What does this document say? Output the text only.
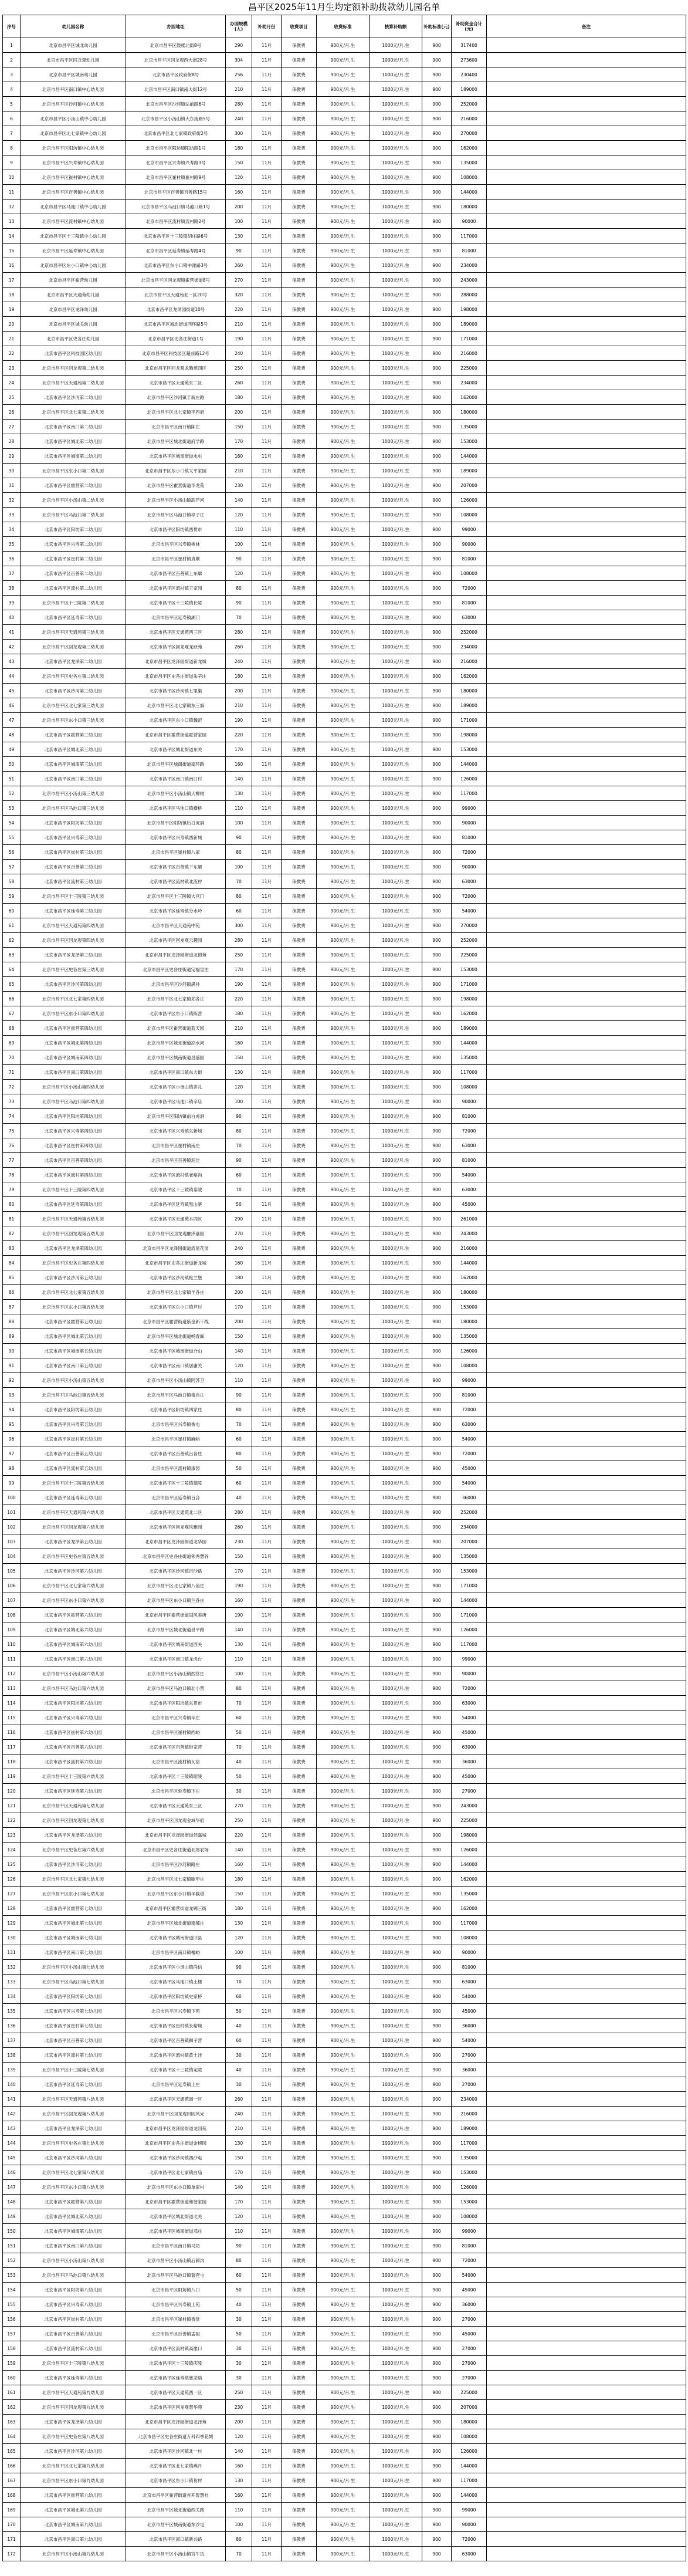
昌平区2025年11月生均定额补助拨款幼儿园名单
序号	幼儿园名称	办园地址	办园规模(人)	补助月份	收费项目	收费标准	核算补助额	补助标准(元)	补助资金合计(元)	备注
1	北京市昌平区城北幼儿园	北京市昌平区鼓楼北街8号	290	11月	保教费	900元/月.生	1000元/月.生	900	317400	
2	北京市昌平区回龙观幼儿园	北京市昌平区回龙观西大街28号	304	11月	保教费	900元/月.生	1000元/月.生	900	273600	
3	北京市昌平区城南幼儿园	北京市昌平区政府街8号	256	11月	保教费	900元/月.生	1000元/月.生	900	230400	
4	北京市昌平区南口镇中心幼儿园	北京市昌平区南口镇南大街12号	210	11月	保教费	900元/月.生	1000元/月.生	900	189000	
5	北京市昌平区沙河镇中心幼儿园	北京市昌平区沙河镇站前路6号	280	11月	保教费	900元/月.生	1000元/月.生	900	252000	
6	北京市昌平区小汤山镇中心幼儿园	北京市昌平区小汤山镇大东流路5号	240	11月	保教费	900元/月.生	1000元/月.生	900	216000	
7	北京市昌平区北七家镇中心幼儿园	北京市昌平区北七家镇政府街2号	300	11月	保教费	900元/月.生	1000元/月.生	900	270000	
8	北京市昌平区阳坊镇中心幼儿园	北京市昌平区阳坊镇阳坊路1号	180	11月	保教费	900元/月.生	1000元/月.生	900	162000	
9	北京市昌平区兴寿镇中心幼儿园	北京市昌平区兴寿镇兴寿路3号	150	11月	保教费	900元/月.生	1000元/月.生	900	135000	
10	北京市昌平区崔村镇中心幼儿园	北京市昌平区崔村镇崔村路9号	120	11月	保教费	900元/月.生	1000元/月.生	900	108000	
11	北京市昌平区百善镇中心幼儿园	北京市昌平区百善镇百善路15号	160	11月	保教费	900元/月.生	1000元/月.生	900	144000	
12	北京市昌平区马池口镇中心幼儿园	北京市昌平区马池口镇马池口路1号	200	11月	保教费	900元/月.生	1000元/月.生	900	180000	
13	北京市昌平区流村镇中心幼儿园	北京市昌平区流村镇流村路2号	100	11月	保教费	900元/月.生	1000元/月.生	900	90000	
14	北京市昌平区十三陵镇中心幼儿园	北京市昌平区十三陵镇胡庄路6号	130	11月	保教费	900元/月.生	1000元/月.生	900	117000	
15	北京市昌平区延寿镇中心幼儿园	北京市昌平区延寿镇延寿路4号	90	11月	保教费	900元/月.生	1000元/月.生	900	81000	
16	北京市昌平区东小口镇中心幼儿园	北京市昌平区东小口镇中滩路3号	260	11月	保教费	900元/月.生	1000元/月.生	900	234000	
17	北京市昌平区霍营幼儿园	北京市昌平区回龙观镇霍营街道8号	270	11月	保教费	900元/月.生	1000元/月.生	900	243000	
18	北京市昌平区天通苑幼儿园	北京市昌平区天通苑北一区20号	320	11月	保教费	900元/月.生	1000元/月.生	900	288000	
19	北京市昌平区龙泽幼儿园	北京市昌平区龙泽园街道10号	220	11月	保教费	900元/月.生	1000元/月.生	900	198000	
20	北京市昌平区城关幼儿园	北京市昌平区城北街道西环路5号	210	11月	保教费	900元/月.生	1000元/月.生	900	189000	
21	北京市昌平区史各庄幼儿园	北京市昌平区史各庄街道1号	190	11月	保教费	900元/月.生	1000元/月.生	900	171000	
22	北京市昌平区科技园区幼儿园	北京市昌平区科技园区超前路12号	240	11月	保教费	900元/月.生	1000元/月.生	900	216000	
23	北京市昌平区回龙观第二幼儿园	北京市昌平区回龙观龙腾苑四区	250	11月	保教费	900元/月.生	1000元/月.生	900	225000	
24	北京市昌平区天通苑第二幼儿园	北京市昌平区天通苑东二区	260	11月	保教费	900元/月.生	1000元/月.生	900	234000	
25	北京市昌平区沙河第二幼儿园	北京市昌平区沙河镇于新庄路	180	11月	保教费	900元/月.生	1000元/月.生	900	162000	
26	北京市昌平区北七家第二幼儿园	北京市昌平区北七家镇平西府	200	11月	保教费	900元/月.生	1000元/月.生	900	180000	
27	北京市昌平区南口第二幼儿园	北京市昌平区南口镇陈庄	150	11月	保教费	900元/月.生	1000元/月.生	900	135000	
28	北京市昌平区城北第二幼儿园	北京市昌平区城北街道府学路	170	11月	保教费	900元/月.生	1000元/月.生	900	153000	
29	北京市昌平区城南第二幼儿园	北京市昌平区城南街道水屯	160	11月	保教费	900元/月.生	1000元/月.生	900	144000	
30	北京市昌平区东小口第二幼儿园	北京市昌平区东小口镇太平家园	210	11月	保教费	900元/月.生	1000元/月.生	900	189000	
31	北京市昌平区霍营第二幼儿园	北京市昌平区霍营街道华龙苑	230	11月	保教费	900元/月.生	1000元/月.生	900	207000	
32	北京市昌平区小汤山第二幼儿园	北京市昌平区小汤山镇葫芦河	140	11月	保教费	900元/月.生	1000元/月.生	900	126000	
33	北京市昌平区马池口第二幼儿园	北京市昌平区马池口镇亭子庄	120	11月	保教费	900元/月.生	1000元/月.生	900	108000	
34	北京市昌平区阳坊第二幼儿园	北京市昌平区阳坊镇西贯市	110	11月	保教费	900元/月.生	1000元/月.生	900	99000	
35	北京市昌平区兴寿第二幼儿园	北京市昌平区兴寿镇桃林	100	11月	保教费	900元/月.生	1000元/月.生	900	90000	
36	北京市昌平区崔村第二幼儿园	北京市昌平区崔村镇真顺	90	11月	保教费	900元/月.生	1000元/月.生	900	81000	
37	北京市昌平区百善第二幼儿园	北京市昌平区百善镇上东廓	120	11月	保教费	900元/月.生	1000元/月.生	900	108000	
38	北京市昌平区流村第二幼儿园	北京市昌平区流村镇王家园	80	11月	保教费	900元/月.生	1000元/月.生	900	72000	
39	北京市昌平区十三陵第二幼儿园	北京市昌平区十三陵镇长陵	90	11月	保教费	900元/月.生	1000元/月.生	900	81000	
40	北京市昌平区延寿第二幼儿园	北京市昌平区延寿镇湖门	70	11月	保教费	900元/月.生	1000元/月.生	900	63000	
41	北京市昌平区天通苑第三幼儿园	北京市昌平区天通苑西三区	280	11月	保教费	900元/月.生	1000元/月.生	900	252000	
42	北京市昌平区回龙观第三幼儿园	北京市昌平区回龙观龙跃苑	260	11月	保教费	900元/月.生	1000元/月.生	900	234000	
43	北京市昌平区龙泽第二幼儿园	北京市昌平区龙泽园街道新龙城	240	11月	保教费	900元/月.生	1000元/月.生	900	216000	
44	北京市昌平区史各庄第二幼儿园	北京市昌平区史各庄街道朱辛庄	180	11月	保教费	900元/月.生	1000元/月.生	900	162000	
45	北京市昌平区沙河第三幼儿园	北京市昌平区沙河镇七里渠	200	11月	保教费	900元/月.生	1000元/月.生	900	180000	
46	北京市昌平区北七家第三幼儿园	北京市昌平区北七家镇东三旗	210	11月	保教费	900元/月.生	1000元/月.生	900	189000	
47	北京市昌平区东小口第三幼儿园	北京市昌平区东小口镇魏窑	190	11月	保教费	900元/月.生	1000元/月.生	900	171000	
48	北京市昌平区霍营第三幼儿园	北京市昌平区霍营街道霍营家园	220	11月	保教费	900元/月.生	1000元/月.生	900	198000	
49	北京市昌平区城北第三幼儿园	北京市昌平区城北街道东关	170	11月	保教费	900元/月.生	1000元/月.生	900	153000	
50	北京市昌平区城南第三幼儿园	北京市昌平区城南街道南环路	160	11月	保教费	900元/月.生	1000元/月.生	900	144000	
51	北京市昌平区南口第三幼儿园	北京市昌平区南口镇南口村	140	11月	保教费	900元/月.生	1000元/月.生	900	126000	
52	北京市昌平区小汤山第三幼儿园	北京市昌平区小汤山镇大柳树	130	11月	保教费	900元/月.生	1000元/月.生	900	117000	
53	北京市昌平区马池口第三幼儿园	北京市昌平区马池口镇横桥	110	11月	保教费	900元/月.生	1000元/月.生	900	99000	
54	北京市昌平区阳坊第三幼儿园	北京市昌平区阳坊镇后白虎涧	100	11月	保教费	900元/月.生	1000元/月.生	900	90000	
55	北京市昌平区兴寿第三幼儿园	北京市昌平区兴寿镇西新城	90	11月	保教费	900元/月.生	1000元/月.生	900	81000	
56	北京市昌平区崔村第三幼儿园	北京市昌平区崔村镇八家	80	11月	保教费	900元/月.生	1000元/月.生	900	72000	
57	北京市昌平区百善第三幼儿园	北京市昌平区百善镇下东廓	100	11月	保教费	900元/月.生	1000元/月.生	900	90000	
58	北京市昌平区流村第三幼儿园	北京市昌平区流村镇北流村	70	11月	保教费	900元/月.生	1000元/月.生	900	63000	
59	北京市昌平区十三陵第三幼儿园	北京市昌平区十三陵镇大宫门	80	11月	保教费	900元/月.生	1000元/月.生	900	72000	
60	北京市昌平区延寿第三幼儿园	北京市昌平区延寿镇分水岭	60	11月	保教费	900元/月.生	1000元/月.生	900	54000	
61	北京市昌平区天通苑第四幼儿园	北京市昌平区天通苑中苑	300	11月	保教费	900元/月.生	1000元/月.生	900	270000	
62	北京市昌平区回龙观第四幼儿园	北京市昌平区回龙观云趣园	280	11月	保教费	900元/月.生	1000元/月.生	900	252000	
63	北京市昌平区龙泽第三幼儿园	北京市昌平区龙泽园街道龙锦苑	250	11月	保教费	900元/月.生	1000元/月.生	900	225000	
64	北京市昌平区史各庄第三幼儿园	北京市昌平区史各庄街道定福皇庄	170	11月	保教费	900元/月.生	1000元/月.生	900	153000	
65	北京市昌平区沙河第四幼儿园	北京市昌平区沙河镇满井	190	11月	保教费	900元/月.生	1000元/月.生	900	171000	
66	北京市昌平区北七家第四幼儿园	北京市昌平区北七家镇郑各庄	220	11月	保教费	900元/月.生	1000元/月.生	900	198000	
67	北京市昌平区东小口第四幼儿园	北京市昌平区东小口镇陈营	180	11月	保教费	900元/月.生	1000元/月.生	900	162000	
68	北京市昌平区霍营第四幼儿园	北京市昌平区霍营街道蓝天园	210	11月	保教费	900元/月.生	1000元/月.生	900	189000	
69	北京市昌平区城北第四幼儿园	北京市昌平区城北街道凉水河	160	11月	保教费	900元/月.生	1000元/月.生	900	144000	
70	北京市昌平区城南第四幼儿园	北京市昌平区城南街道昌盛园	150	11月	保教费	900元/月.生	1000元/月.生	900	135000	
71	北京市昌平区南口第四幼儿园	北京市昌平区南口镇东大街	130	11月	保教费	900元/月.生	1000元/月.生	900	117000	
72	北京市昌平区小汤山第四幼儿园	北京市昌平区小汤山镇讲礼	120	11月	保教费	900元/月.生	1000元/月.生	900	108000	
73	北京市昌平区马池口第四幼儿园	北京市昌平区马池口镇辛店	100	11月	保教费	900元/月.生	1000元/月.生	900	90000	
74	北京市昌平区阳坊第四幼儿园	北京市昌平区阳坊镇前白虎涧	90	11月	保教费	900元/月.生	1000元/月.生	900	81000	
75	北京市昌平区兴寿第四幼儿园	北京市昌平区兴寿镇东新城	80	11月	保教费	900元/月.生	1000元/月.生	900	72000	
76	北京市昌平区崔村第四幼儿园	北京市昌平区崔村镇南庄	70	11月	保教费	900元/月.生	1000元/月.生	900	63000	
77	北京市昌平区百善第四幼儿园	北京市昌平区百善镇泥洼	90	11月	保教费	900元/月.生	1000元/月.生	900	81000	
78	北京市昌平区流村第四幼儿园	北京市昌平区流村镇老峪沟	60	11月	保教费	900元/月.生	1000元/月.生	900	54000	
79	北京市昌平区十三陵第四幼儿园	北京市昌平区十三陵镇泰陵	70	11月	保教费	900元/月.生	1000元/月.生	900	63000	
80	北京市昌平区延寿第四幼儿园	北京市昌平区延寿镇黑山寨	50	11月	保教费	900元/月.生	1000元/月.生	900	45000	
81	北京市昌平区天通苑第五幼儿园	北京市昌平区天通苑本四区	290	11月	保教费	900元/月.生	1000元/月.生	900	261000	
82	北京市昌平区回龙观第五幼儿园	北京市昌平区回龙观融泽嘉园	270	11月	保教费	900元/月.生	1000元/月.生	900	243000	
83	北京市昌平区龙泽第四幼儿园	北京市昌平区龙泽园街道流星花园	240	11月	保教费	900元/月.生	1000元/月.生	900	216000	
84	北京市昌平区史各庄第四幼儿园	北京市昌平区史各庄街道新龙城	160	11月	保教费	900元/月.生	1000元/月.生	900	144000	
85	北京市昌平区沙河第五幼儿园	北京市昌平区沙河镇松兰堡	180	11月	保教费	900元/月.生	1000元/月.生	900	162000	
86	北京市昌平区北七家第五幼儿园	北京市昌平区北七家镇羊各庄	200	11月	保教费	900元/月.生	1000元/月.生	900	180000	
87	北京市昌平区东小口第五幼儿园	北京市昌平区东小口镇芦村	170	11月	保教费	900元/月.生	1000元/月.生	900	153000	
88	北京市昌平区霍营第五幼儿园	北京市昌平区霍营街道紫金新干线	200	11月	保教费	900元/月.生	1000元/月.生	900	180000	
89	北京市昌平区城北第五幼儿园	北京市昌平区城北街道畅春阁	150	11月	保教费	900元/月.生	1000元/月.生	900	135000	
90	北京市昌平区城南第五幼儿园	北京市昌平区城南街道介山	140	11月	保教费	900元/月.生	1000元/月.生	900	126000	
91	北京市昌平区南口第五幼儿园	北京市昌平区南口镇居庸关	120	11月	保教费	900元/月.生	1000元/月.生	900	108000	
92	北京市昌平区小汤山第五幼儿园	北京市昌平区小汤山镇阿苏卫	110	11月	保教费	900元/月.生	1000元/月.生	900	99000	
93	北京市昌平区马池口第五幼儿园	北京市昌平区马池口镇楼自庄	90	11月	保教费	900元/月.生	1000元/月.生	900	81000	
94	北京市昌平区阳坊第五幼儿园	北京市昌平区阳坊镇四家庄	80	11月	保教费	900元/月.生	1000元/月.生	900	72000	
95	北京市昌平区兴寿第五幼儿园	北京市昌平区兴寿镇香屯	70	11月	保教费	900元/月.生	1000元/月.生	900	63000	
96	北京市昌平区崔村第五幼儿园	北京市昌平区崔村镇麻峪	60	11月	保教费	900元/月.生	1000元/月.生	900	54000	
97	北京市昌平区百善第五幼儿园	北京市昌平区百善镇吕各庄	80	11月	保教费	900元/月.生	1000元/月.生	900	72000	
98	北京市昌平区流村第五幼儿园	北京市昌平区流村镇漆园	50	11月	保教费	900元/月.生	1000元/月.生	900	45000	
99	北京市昌平区十三陵第五幼儿园	北京市昌平区十三陵镇德陵	60	11月	保教费	900元/月.生	1000元/月.生	900	54000	
100	北京市昌平区延寿第五幼儿园	北京市昌平区延寿镇百合	40	11月	保教费	900元/月.生	1000元/月.生	900	36000	
101	北京市昌平区天通苑第六幼儿园	北京市昌平区天通苑北二区	280	11月	保教费	900元/月.生	1000元/月.生	900	252000	
102	北京市昌平区回龙观第六幼儿园	北京市昌平区回龙观风雅园	260	11月	保教费	900元/月.生	1000元/月.生	900	234000	
103	北京市昌平区龙泽第五幼儿园	北京市昌平区龙泽园街道龙华园	230	11月	保教费	900元/月.生	1000元/月.生	900	207000	
104	北京市昌平区史各庄第五幼儿园	北京市昌平区史各庄街道领秀慧谷	150	11月	保教费	900元/月.生	1000元/月.生	900	135000	
105	北京市昌平区沙河第六幼儿园	北京市昌平区沙河镇百沙路	170	11月	保教费	900元/月.生	1000元/月.生	900	153000	
106	北京市昌平区北七家第六幼儿园	北京市昌平区北七家镇八仙庄	190	11月	保教费	900元/月.生	1000元/月.生	900	171000	
107	北京市昌平区东小口第六幼儿园	北京市昌平区东小口镇兰各庄	160	11月	保教费	900元/月.生	1000元/月.生	900	144000	
108	北京市昌平区霍营第六幼儿园	北京市昌平区霍营街道国风美唐	190	11月	保教费	900元/月.生	1000元/月.生	900	171000	
109	北京市昌平区城北第六幼儿园	北京市昌平区城北街道昌平路	140	11月	保教费	900元/月.生	1000元/月.生	900	126000	
110	北京市昌平区城南第六幼儿园	北京市昌平区城南街道西关	130	11月	保教费	900元/月.生	1000元/月.生	900	117000	
111	北京市昌平区南口第六幼儿园	北京市昌平区南口镇龙虎台	110	11月	保教费	900元/月.生	1000元/月.生	900	99000	
112	北京市昌平区小汤山第六幼儿园	北京市昌平区小汤山镇西官庄	100	11月	保教费	900元/月.生	1000元/月.生	900	90000	
113	北京市昌平区马池口第六幼儿园	北京市昌平区马池口镇北小营	80	11月	保教费	900元/月.生	1000元/月.生	900	72000	
114	北京市昌平区阳坊第六幼儿园	北京市昌平区阳坊镇东贯市	70	11月	保教费	900元/月.生	1000元/月.生	900	63000	
115	北京市昌平区兴寿第六幼儿园	北京市昌平区兴寿镇辛庄	60	11月	保教费	900元/月.生	1000元/月.生	900	54000	
116	北京市昌平区崔村第六幼儿园	北京市昌平区崔村镇西峪	50	11月	保教费	900元/月.生	1000元/月.生	900	45000	
117	北京市昌平区百善第六幼儿园	北京市昌平区百善镇钟家营	70	11月	保教费	900元/月.生	1000元/月.生	900	63000	
118	北京市昌平区流村第六幼儿园	北京市昌平区流村镇瓦窑	40	11月	保教费	900元/月.生	1000元/月.生	900	36000	
119	北京市昌平区十三陵第六幼儿园	北京市昌平区十三陵镇昭陵	50	11月	保教费	900元/月.生	1000元/月.生	900	45000	
120	北京市昌平区延寿第六幼儿园	北京市昌平区延寿镇下庄	30	11月	保教费	900元/月.生	1000元/月.生	900	27000	
121	北京市昌平区天通苑第七幼儿园	北京市昌平区天通苑东三区	270	11月	保教费	900元/月.生	1000元/月.生	900	243000	
122	北京市昌平区回龙观第七幼儿园	北京市昌平区回龙观金域华府	250	11月	保教费	900元/月.生	1000元/月.生	900	225000	
123	北京市昌平区龙泽第六幼儿园	北京市昌平区龙泽园街道佰嘉城	220	11月	保教费	900元/月.生	1000元/月.生	900	198000	
124	北京市昌平区史各庄第六幼儿园	北京市昌平区史各庄街道北郊农场	140	11月	保教费	900元/月.生	1000元/月.生	900	126000	
125	北京市昌平区沙河第七幼儿园	北京市昌平区沙河镇路庄	160	11月	保教费	900元/月.生	1000元/月.生	900	144000	
126	北京市昌平区北七家第七幼儿园	北京市昌平区北七家镇歇甲庄	180	11月	保教费	900元/月.生	1000元/月.生	900	162000	
127	北京市昌平区东小口第七幼儿园	北京市昌平区东小口镇半截塔	150	11月	保教费	900元/月.生	1000元/月.生	900	135000	
128	北京市昌平区霍营第七幼儿园	北京市昌平区霍营街道龙锦三街	180	11月	保教费	900元/月.生	1000元/月.生	900	162000	
129	北京市昌平区城北第七幼儿园	北京市昌平区城北街道南郝庄	130	11月	保教费	900元/月.生	1000元/月.生	900	117000	
130	北京市昌平区城南第七幼儿园	北京市昌平区城南街道旧县	120	11月	保教费	900元/月.生	1000元/月.生	900	108000	
131	北京市昌平区南口第七幼儿园	北京市昌平区南口镇檀峪	100	11月	保教费	900元/月.生	1000元/月.生	900	90000	
132	北京市昌平区小汤山第七幼儿园	北京市昌平区小汤山镇尚信	90	11月	保教费	900元/月.生	1000元/月.生	900	81000	
133	北京市昌平区马池口第七幼儿园	北京市昌平区马池口镇土楼	70	11月	保教费	900元/月.生	1000元/月.生	900	63000	
134	北京市昌平区阳坊第七幼儿园	北京市昌平区阳坊镇史家桥	60	11月	保教费	900元/月.生	1000元/月.生	900	54000	
135	北京市昌平区兴寿第七幼儿园	北京市昌平区兴寿镇下苑	50	11月	保教费	900元/月.生	1000元/月.生	900	45000	
136	北京市昌平区崔村第七幼儿园	北京市昌平区崔村镇长峪城	40	11月	保教费	900元/月.生	1000元/月.生	900	36000	
137	北京市昌平区百善第七幼儿园	北京市昌平区百善镇狮子营	60	11月	保教费	900元/月.生	1000元/月.生	900	54000	
138	北京市昌平区流村第七幼儿园	北京市昌平区流村镇黄土洼	30	11月	保教费	900元/月.生	1000元/月.生	900	27000	
139	北京市昌平区十三陵第七幼儿园	北京市昌平区十三陵镇定陵	40	11月	保教费	900元/月.生	1000元/月.生	900	36000	
140	北京市昌平区延寿第七幼儿园	北京市昌平区延寿镇上庄	30	11月	保教费	900元/月.生	1000元/月.生	900	27000	
141	北京市昌平区天通苑第八幼儿园	北京市昌平区天通苑南一区	260	11月	保教费	900元/月.生	1000元/月.生	900	234000	
142	北京市昌平区回龙观第八幼儿园	北京市昌平区回龙观田园风光	240	11月	保教费	900元/月.生	1000元/月.生	900	216000	
143	北京市昌平区龙泽第七幼儿园	北京市昌平区龙泽园街道龙回苑	210	11月	保教费	900元/月.生	1000元/月.生	900	189000	
144	北京市昌平区史各庄第七幼儿园	北京市昌平区史各庄街道金榜园	130	11月	保教费	900元/月.生	1000元/月.生	900	117000	
145	北京市昌平区沙河第八幼儿园	北京市昌平区沙河镇西沙屯	150	11月	保教费	900元/月.生	1000元/月.生	900	135000	
146	北京市昌平区北七家第八幼儿园	北京市昌平区北七家镇白庙	170	11月	保教费	900元/月.生	1000元/月.生	900	153000	
147	北京市昌平区东小口第八幼儿园	北京市昌平区东小口镇单家村	140	11月	保教费	900元/月.生	1000元/月.生	900	126000	
148	北京市昌平区霍营第八幼儿园	北京市昌平区霍营街道和谐家园	170	11月	保教费	900元/月.生	1000元/月.生	900	153000	
149	北京市昌平区城北第八幼儿园	北京市昌平区城北街道北关	120	11月	保教费	900元/月.生	1000元/月.生	900	108000	
150	北京市昌平区城南第八幼儿园	北京市昌平区城南街道邓庄	110	11月	保教费	900元/月.生	1000元/月.生	900	99000	
151	北京市昌平区南口第八幼儿园	北京市昌平区南口镇马坊	90	11月	保教费	900元/月.生	1000元/月.生	900	81000	
152	北京市昌平区小汤山第八幼儿园	北京市昌平区小汤山镇后蔺沟	80	11月	保教费	900元/月.生	1000元/月.生	900	72000	
153	北京市昌平区马池口第八幼儿园	北京市昌平区马池口镇奤夿屯	60	11月	保教费	900元/月.生	1000元/月.生	900	54000	
154	北京市昌平区阳坊第八幼儿园	北京市昌平区阳坊镇八口	50	11月	保教费	900元/月.生	1000元/月.生	900	45000	
155	北京市昌平区兴寿第八幼儿园	北京市昌平区兴寿镇上苑	40	11月	保教费	900元/月.生	1000元/月.生	900	36000	
156	北京市昌平区崔村第八幼儿园	北京市昌平区崔村镇香堂	30	11月	保教费	900元/月.生	1000元/月.生	900	27000	
157	北京市昌平区百善第八幼儿园	北京市昌平区百善镇孟祖	50	11月	保教费	900元/月.生	1000元/月.生	900	45000	
158	北京市昌平区流村第八幼儿园	北京市昌平区流村镇高崖口	30	11月	保教费	900元/月.生	1000元/月.生	900	27000	
159	北京市昌平区十三陵第八幼儿园	北京市昌平区十三陵镇庆陵	30	11月	保教费	900元/月.生	1000元/月.生	900	27000	
160	北京市昌平区延寿第八幼儿园	北京市昌平区延寿镇慈悲峪	30	11月	保教费	900元/月.生	1000元/月.生	900	27000	
161	北京市昌平区天通苑第九幼儿园	北京市昌平区天通苑西一区	250	11月	保教费	900元/月.生	1000元/月.生	900	225000	
162	北京市昌平区回龙观第九幼儿园	北京市昌平区回龙观慧华苑	230	11月	保教费	900元/月.生	1000元/月.生	900	207000	
163	北京市昌平区龙泽第八幼儿园	北京市昌平区龙泽园街道龙泽苑	200	11月	保教费	900元/月.生	1000元/月.生	900	180000	
164	北京市昌平区史各庄第八幼儿园	北京市昌平区史各庄街道万科四季花城	120	11月	保教费	900元/月.生	1000元/月.生	900	108000	
165	北京市昌平区沙河第九幼儿园	北京市昌平区沙河镇北一村	140	11月	保教费	900元/月.生	1000元/月.生	900	126000	
166	北京市昌平区北七家第九幼儿园	北京市昌平区北七家镇燕丹	160	11月	保教费	900元/月.生	1000元/月.生	900	144000	
167	北京市昌平区东小口第九幼儿园	北京市昌平区东小口镇贺村	130	11月	保教费	900元/月.生	1000元/月.生	900	117000	
168	北京市昌平区霍营第九幼儿园	北京市昌平区霍营街道首开智慧社	160	11月	保教费	900元/月.生	1000元/月.生	900	144000	
169	北京市昌平区城北第九幼儿园	北京市昌平区城北街道西关路	110	11月	保教费	900元/月.生	1000元/月.生	900	99000	
170	北京市昌平区城南第九幼儿园	北京市昌平区城南街道东沙屯	100	11月	保教费	900元/月.生	1000元/月.生	900	90000	
171	北京市昌平区南口第九幼儿园	北京市昌平区南口镇新兴路	80	11月	保教费	900元/月.生	1000元/月.生	900	72000	
172	北京市昌平区小汤山第九幼儿园	北京市昌平区小汤山镇官牛坊	70	11月	保教费	900元/月.生	1000元/月.生	900	63000	
